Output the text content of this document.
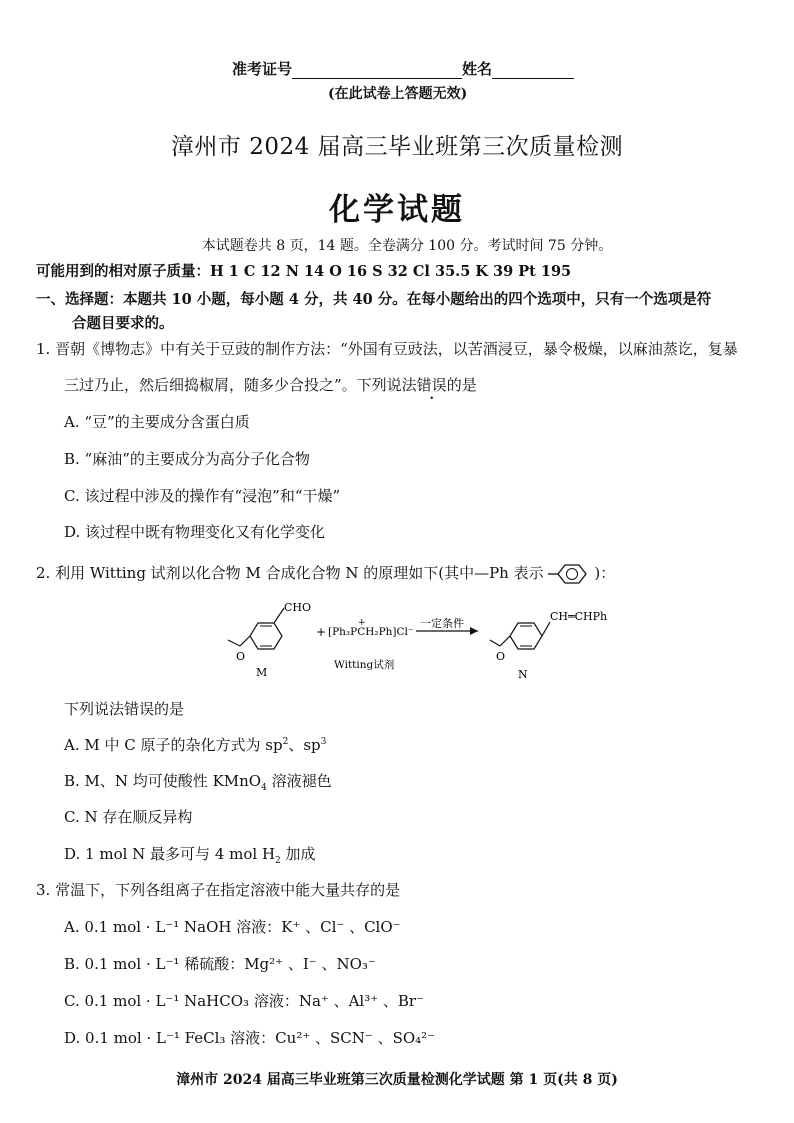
准考证号	姓名
(在此试卷上答题无效)
漳州市 2024 届高三毕业班第三次质量检测
化学试题
本试题卷共 8 页，14 题。全卷满分 100 分。考试时间 75 分钟。
可能用到的相对原子质量：H 1 C 12 N 14 O 16 S 32 Cl 35.5 K 39 Pt 195
一、选择题：本题共 10 小题，每小题 4 分，共 40 分。在每小题给出的四个选项中，只有一个选项是符
合题目要求的。
1. 晋朝《博物志》中有关于豆豉的制作方法：“外国有豆豉法，以苦酒浸豆，暴令极燥，以麻油蒸讫，复暴
三过乃止，然后细捣椒屑，随多少合投之”。下列说法错误的是
A. “豆”的主要成分含蛋白质
B. “麻油”的主要成分为高分子化合物
C. 该过程中涉及的操作有“浸泡”和“干燥”
D. 该过程中既有物理变化又有化学变化
2. 利用 Witting 试剂以化合物 M 合成化合物 N 的原理如下(其中—Ph 表示	)：
O
CHO
+ [Ph₃PCH₂Ph]Cl⁻
+	一定条件
O
CH═CHPh
M
Witting试剂
N
下列说法错误的是
A. M 中 C 原子的杂化方式为 $sp^2$、$sp^3$
B. M、N 均可使酸性 KMnO$_4$ 溶液褪色
C. N 存在顺反异构
D. 1 mol N 最多可与 4 mol $H_2$ 加成
3. 常温下，下列各组离子在指定溶液中能大量共存的是
A. 0.1 mol · L⁻¹ NaOH 溶液：K⁺ 、Cl⁻ 、ClO⁻
B. 0.1 mol · L⁻¹ 稀硫酸：Mg²⁺ 、I⁻ 、NO₃⁻
C. 0.1 mol · L⁻¹ NaHCO₃ 溶液：Na⁺ 、Al³⁺ 、Br⁻
D. 0.1 mol · L⁻¹ FeCl₃ 溶液：Cu²⁺ 、SCN⁻ 、SO₄²⁻
漳州市 2024 届高三毕业班第三次质量检测化学试题 第 1 页(共 8 页)
